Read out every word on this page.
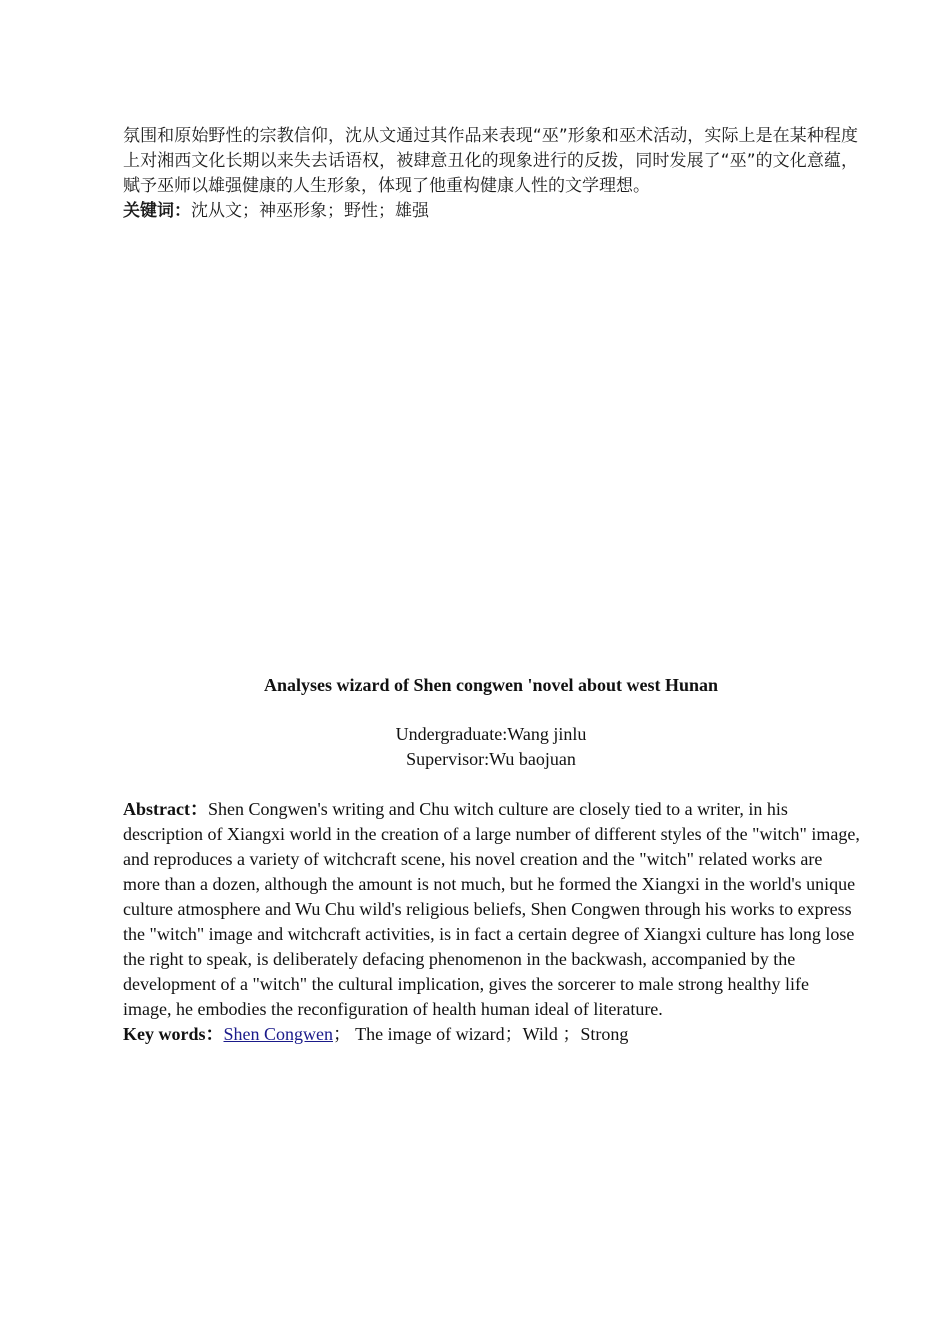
氛围和原始野性的宗教信仰，沈从文通过其作品来表现“巫”形象和巫术活动，实际上是在某种程度上对湘西文化长期以来失去话语权，被肆意丑化的现象进行的反拨，同时发展了“巫”的文化意蕴，赋予巫师以雄强健康的人生形象，体现了他重构健康人性的文学理想。

关键词：沈从文；神巫形象；野性；雄强

Analyses wizard of Shen congwen 'novel about west Hunan
Undergraduate:Wang jinlu
Supervisor:Wu baojuan

Abstract：Shen Congwen's writing and Chu witch culture are closely tied to a writer, in his description of Xiangxi world in the creation of a large number of different styles of the "witch" image, and reproduces a variety of witchcraft scene, his novel creation and the "witch" related works are more than a dozen, although the amount is not much, but he formed the Xiangxi in the world's unique culture atmosphere and Wu Chu wild's religious beliefs, Shen Congwen through his works to express the "witch" image and witchcraft activities, is in fact a certain degree of Xiangxi culture has long lose the right to speak, is deliberately defacing phenomenon in the backwash, accompanied by the development of a "witch" the cultural implication, gives the sorcerer to male strong healthy life image, he embodies the reconfiguration of health human ideal of literature.

Key words：Shen Congwen； The image of wizard；Wild ；Strong
